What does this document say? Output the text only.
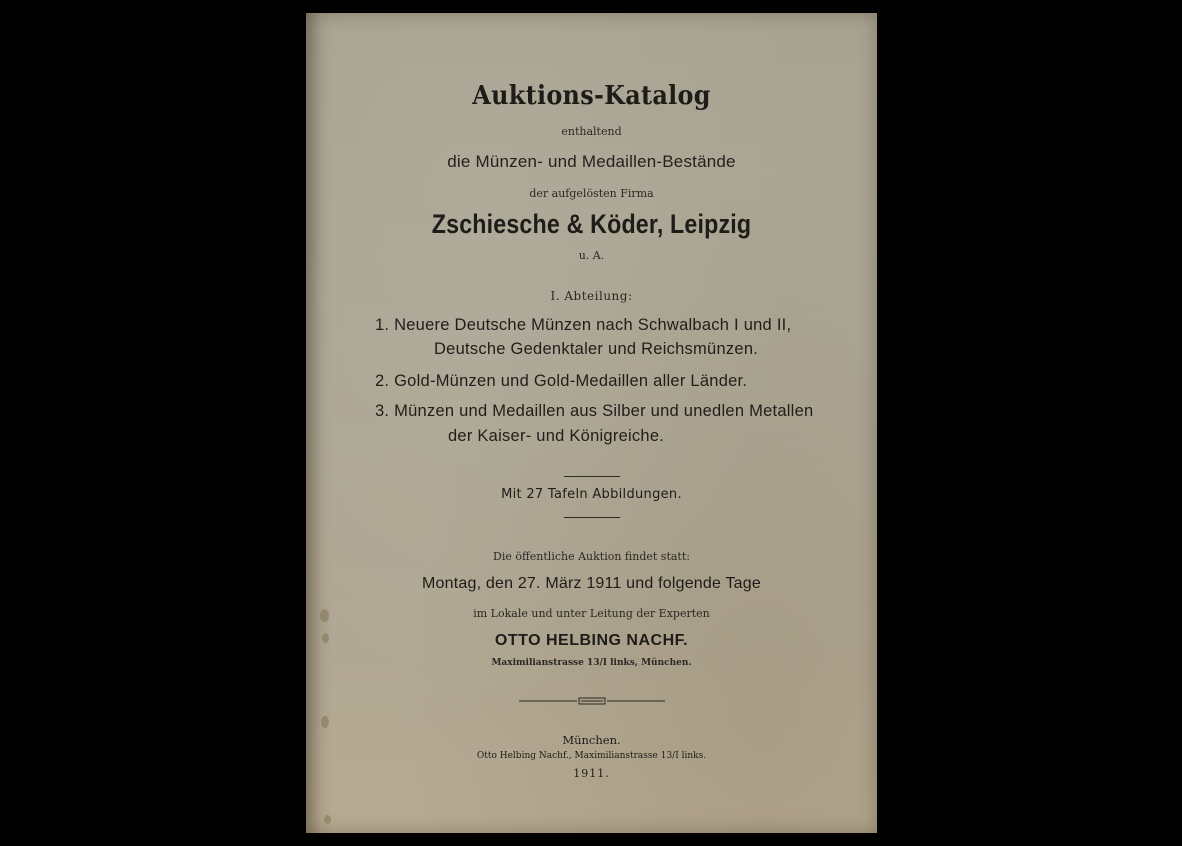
Auktions-Katalog
enthaltend
die Münzen- und Medaillen-Bestände
der aufgelösten Firma
Zschiesche & Köder, Leipzig
u. A.
I. Abteilung:
1. Neuere Deutsche Münzen nach Schwalbach I und II,
Deutsche Gedenktaler und Reichsmünzen.
2. Gold-Münzen und Gold-Medaillen aller Länder.
3. Münzen und Medaillen aus Silber und unedlen Metallen
der Kaiser- und Königreiche.
Mit 27 Tafeln Abbildungen.
Die öffentliche Auktion findet statt:
Montag, den 27. März 1911 und folgende Tage
im Lokale und unter Leitung der Experten
OTTO HELBING NACHF.
Maximilianstrasse 13/I links, München.
München.
Otto Helbing Nachf., Maximilianstrasse 13/I links.
1911.
